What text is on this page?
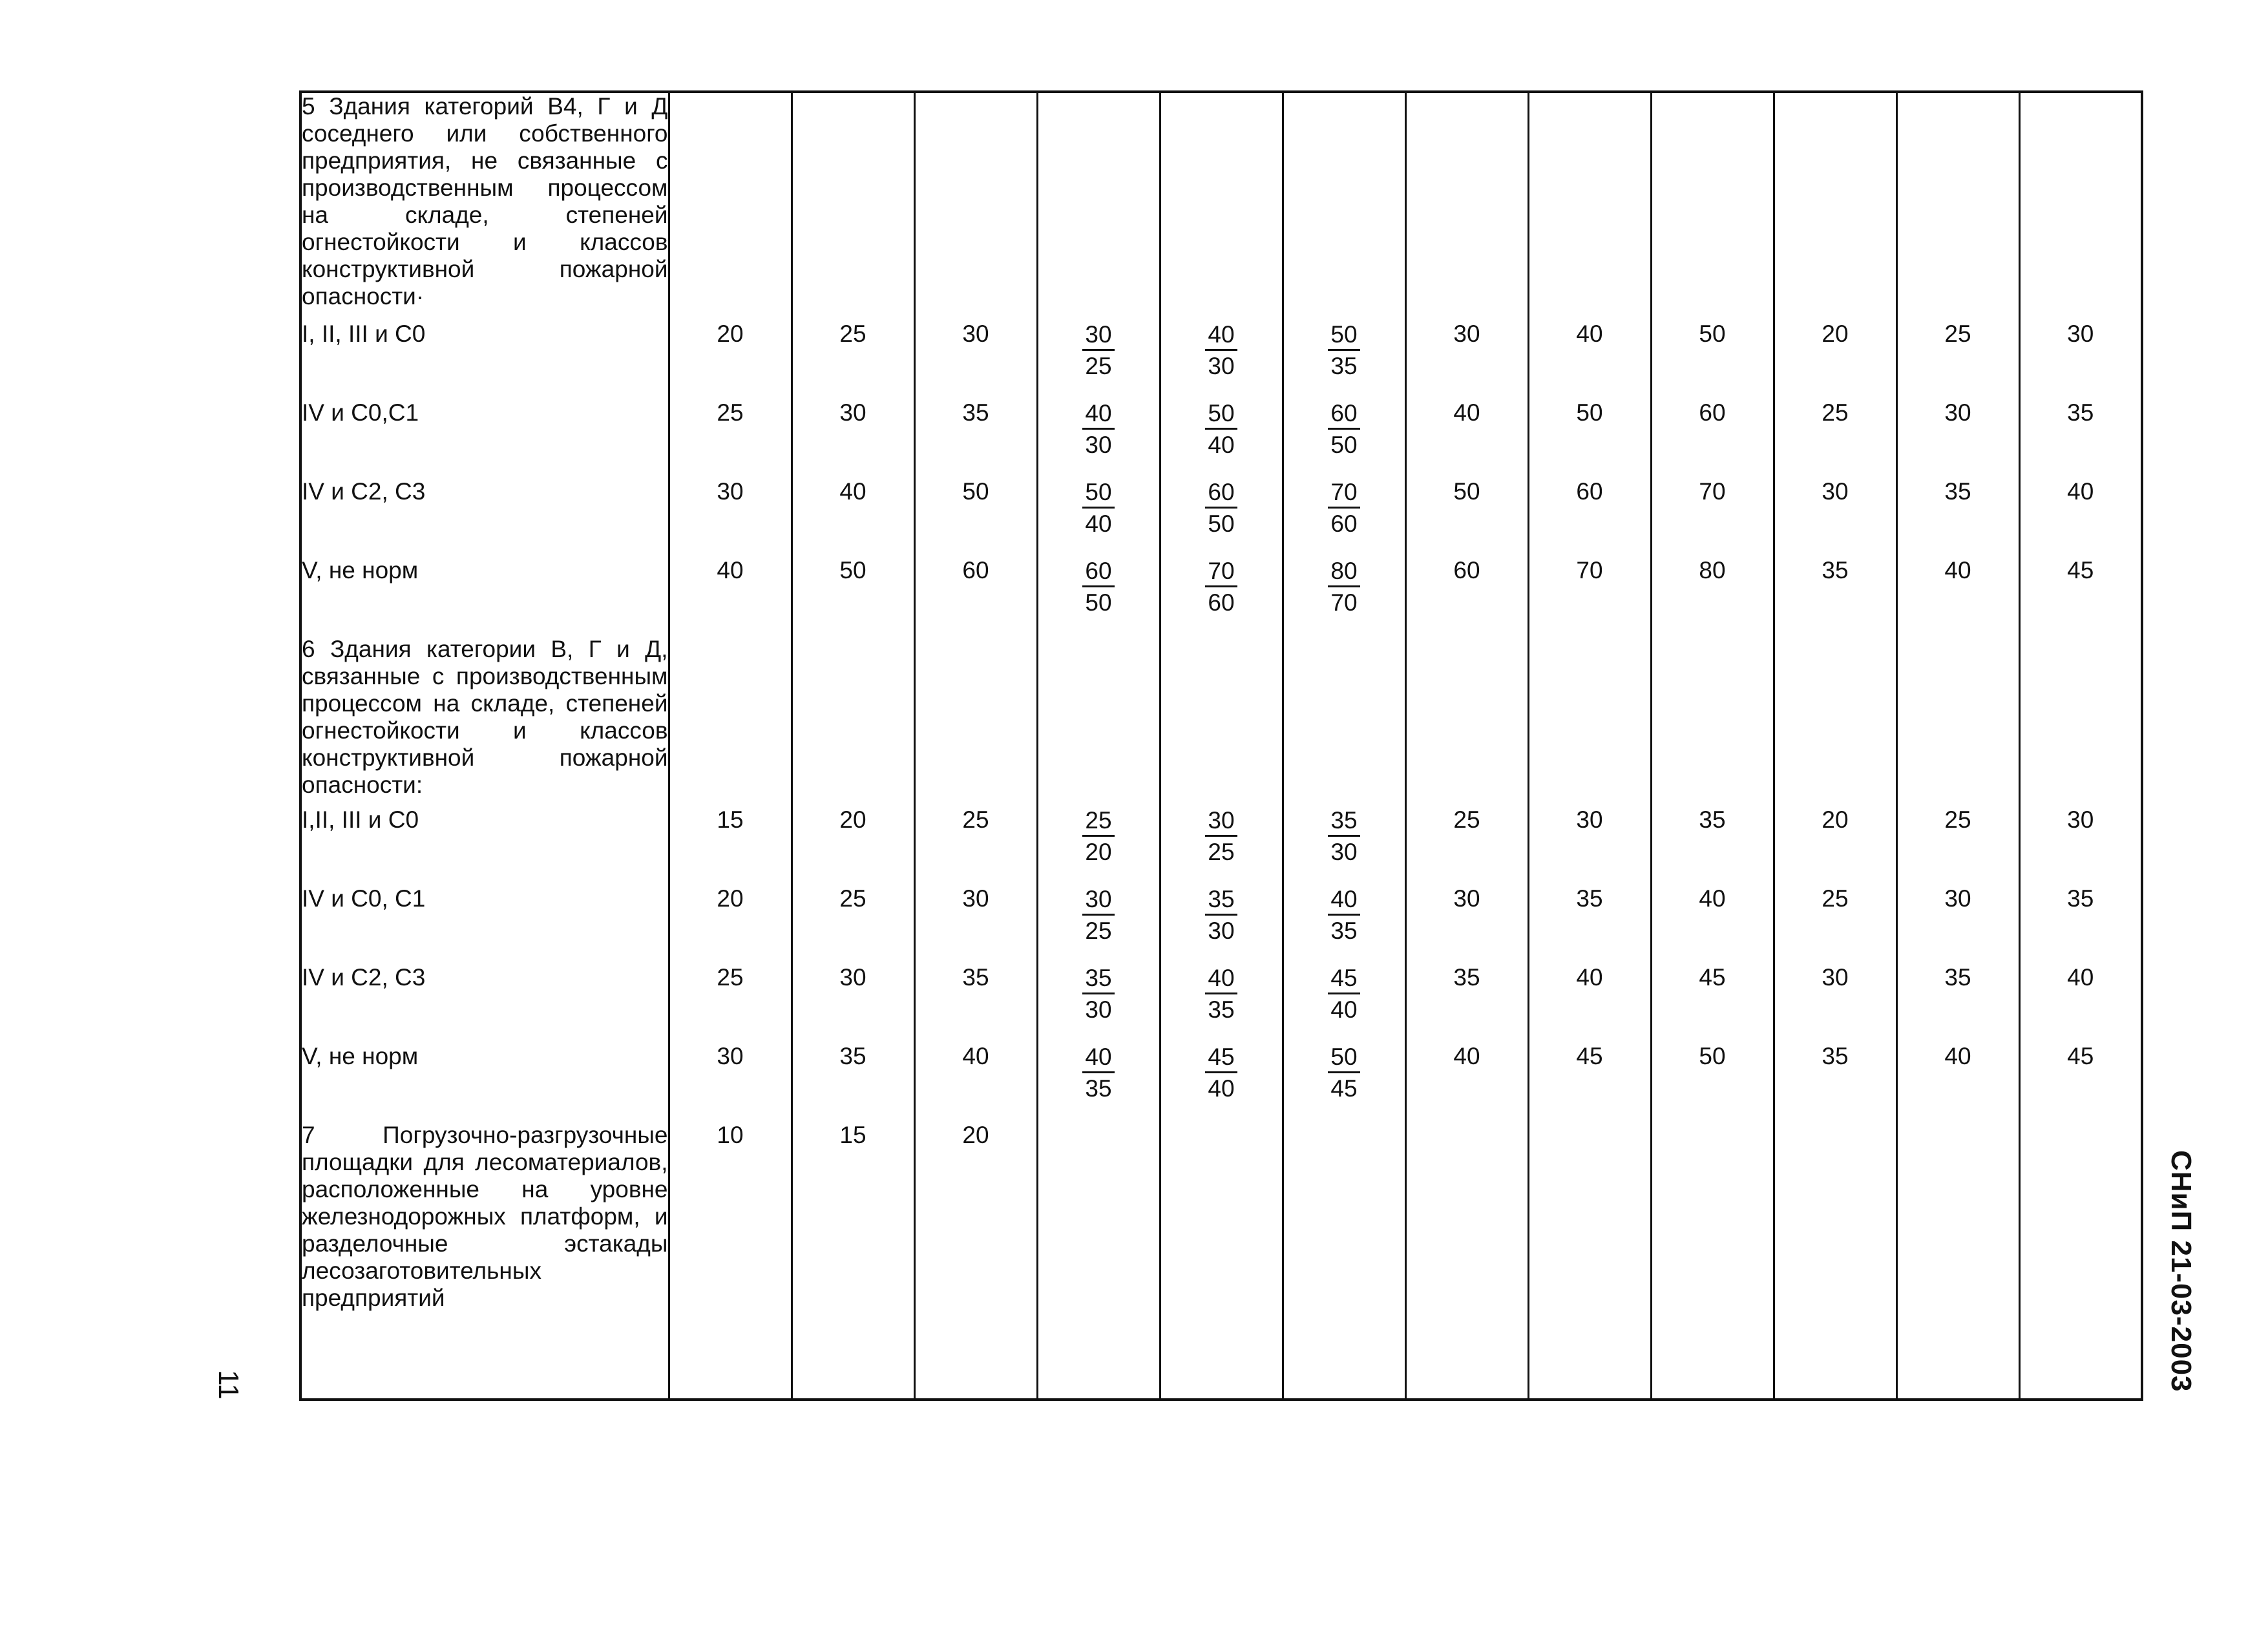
5 Здания категорий В4, Г и Д соседнего или собственного предприятия, не связанные с производственным процессом на складе, степеней огнестойкости и классов конструктивной пожарной опасности·												
I, II, III и С0	20	25	30	$\frac{30}{25}$	$\frac{40}{30}$	$\frac{50}{35}$	30	40	50	20	25	30
IV и С0,С1	25	30	35	$\frac{40}{30}$	$\frac{50}{40}$	$\frac{60}{50}$	40	50	60	25	30	35
IV и С2, С3	30	40	50	$\frac{50}{40}$	$\frac{60}{50}$	$\frac{70}{60}$	50	60	70	30	35	40
V, не норм	40	50	60	$\frac{60}{50}$	$\frac{70}{60}$	$\frac{80}{70}$	60	70	80	35	40	45
6 Здания категории В, Г и Д, связанные с производственным процессом на складе, степеней огнестойкости и классов конструктивной пожарной опасности:												
I,II, III и С0	15	20	25	$\frac{25}{20}$	$\frac{30}{25}$	$\frac{35}{30}$	25	30	35	20	25	30
IV и С0, С1	20	25	30	$\frac{30}{25}$	$\frac{35}{30}$	$\frac{40}{35}$	30	35	40	25	30	35
IV и С2, С3	25	30	35	$\frac{35}{30}$	$\frac{40}{35}$	$\frac{45}{40}$	35	40	45	30	35	40
V, не норм	30	35	40	$\frac{40}{35}$	$\frac{45}{40}$	$\frac{50}{45}$	40	45	50	35	40	45
7 Погрузочно-разгрузочные площадки для лесоматериалов, расположенные на уровне железнодорожных платформ, и разделочные эстакады лесозаготовительных предприятий	10	15	20									

11	СНиП 21-03-2003
